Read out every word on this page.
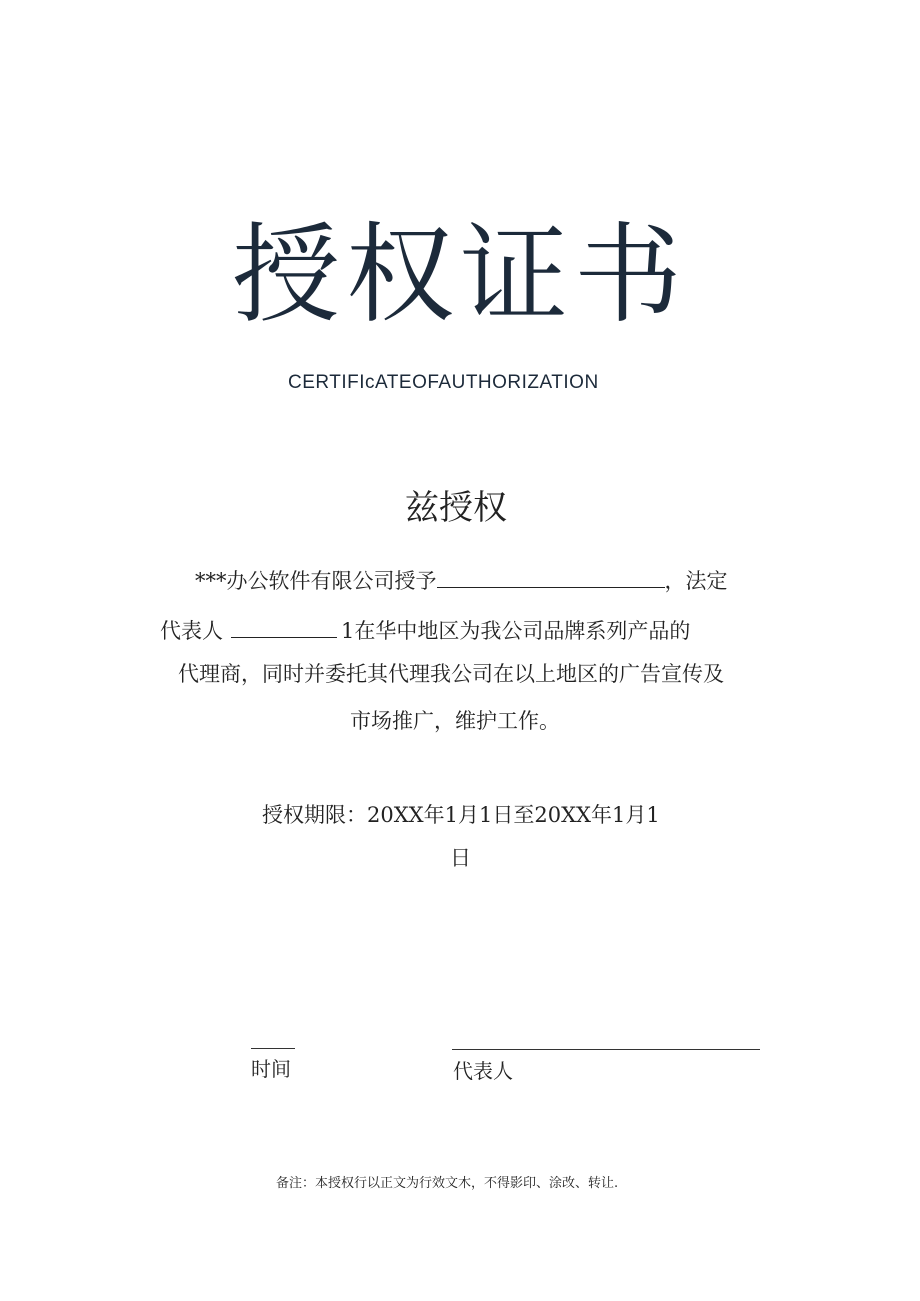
授权证书
CERTIFIcATEOFAUTHORIZATION
兹授权
***办公软件有限公司授予	，法定
代表人	1在华中地区为我公司品牌系列产品的
代理商，同时并委托其代理我公司在以上地区的广告宣传及
市场推广，维护工作。
授权期限：20XX年1月1日至20XX年1月1
日
时间	代表人
备注：本授权行以正文为行效文木，不得影印、涂改、转让.
